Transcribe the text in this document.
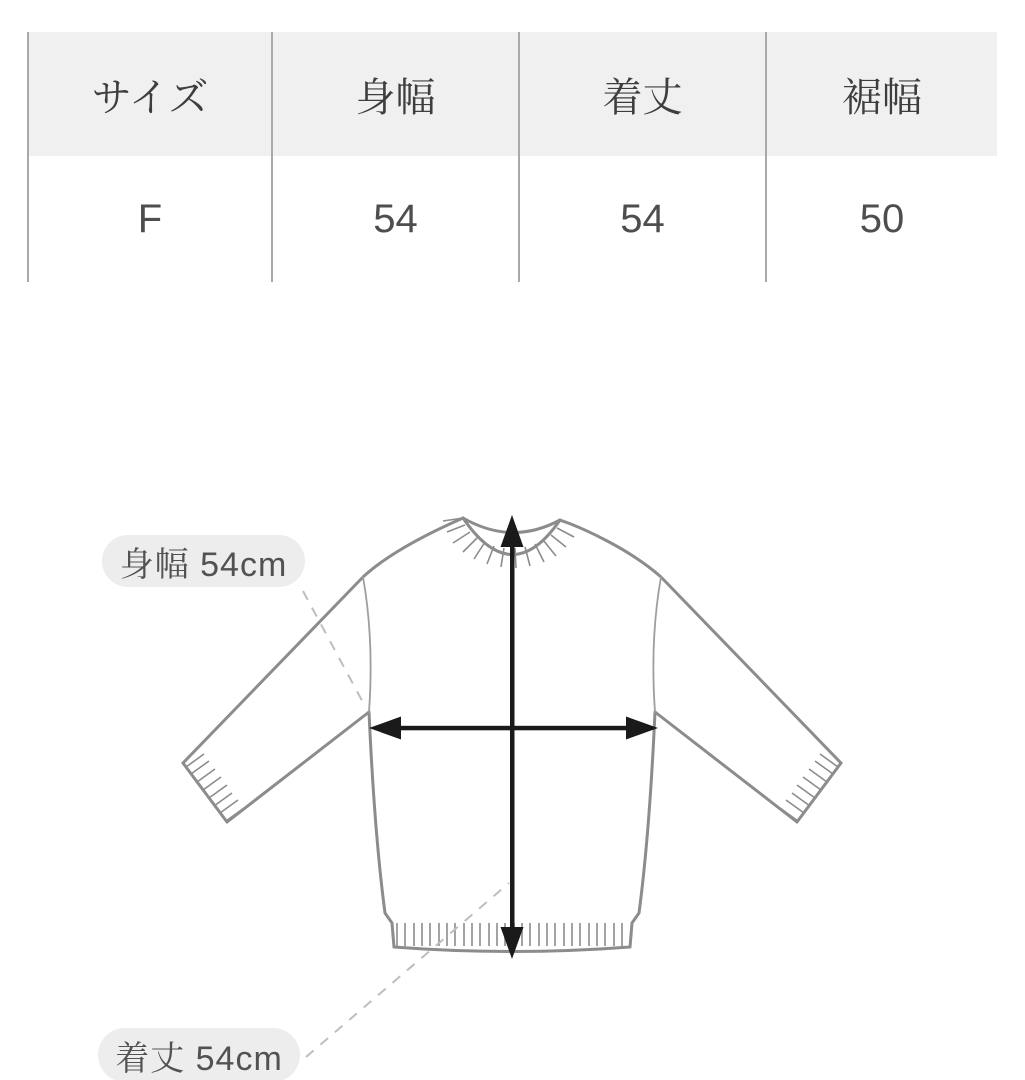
サイズ	身幅	着丈	裾幅
F	54	54	50
身幅 54cm
着丈 54cm
